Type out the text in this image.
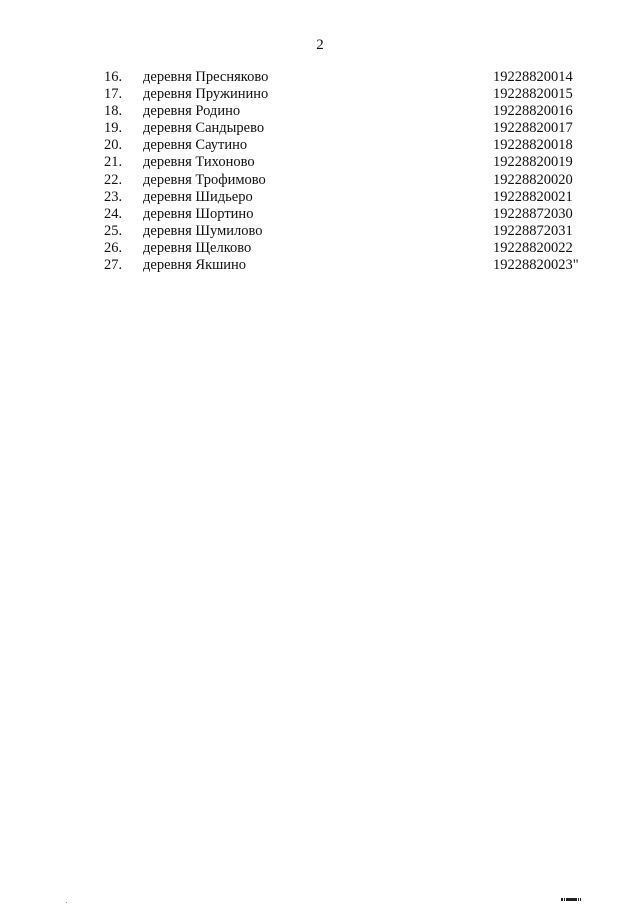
2
16. деревня Пресняково	19228820014
17. деревня Пружинино	19228820015
18. деревня Родино	19228820016
19. деревня Сандырево	19228820017
20. деревня Саутино	19228820018
21. деревня Тихоново	19228820019
22. деревня Трофимово	19228820020
23. деревня Шидьеро	19228820021
24. деревня Шортино	19228872030
25. деревня Шумилово	19228872031
26. деревня Щелково	19228820022
27. деревня Якшино	19228820023"
